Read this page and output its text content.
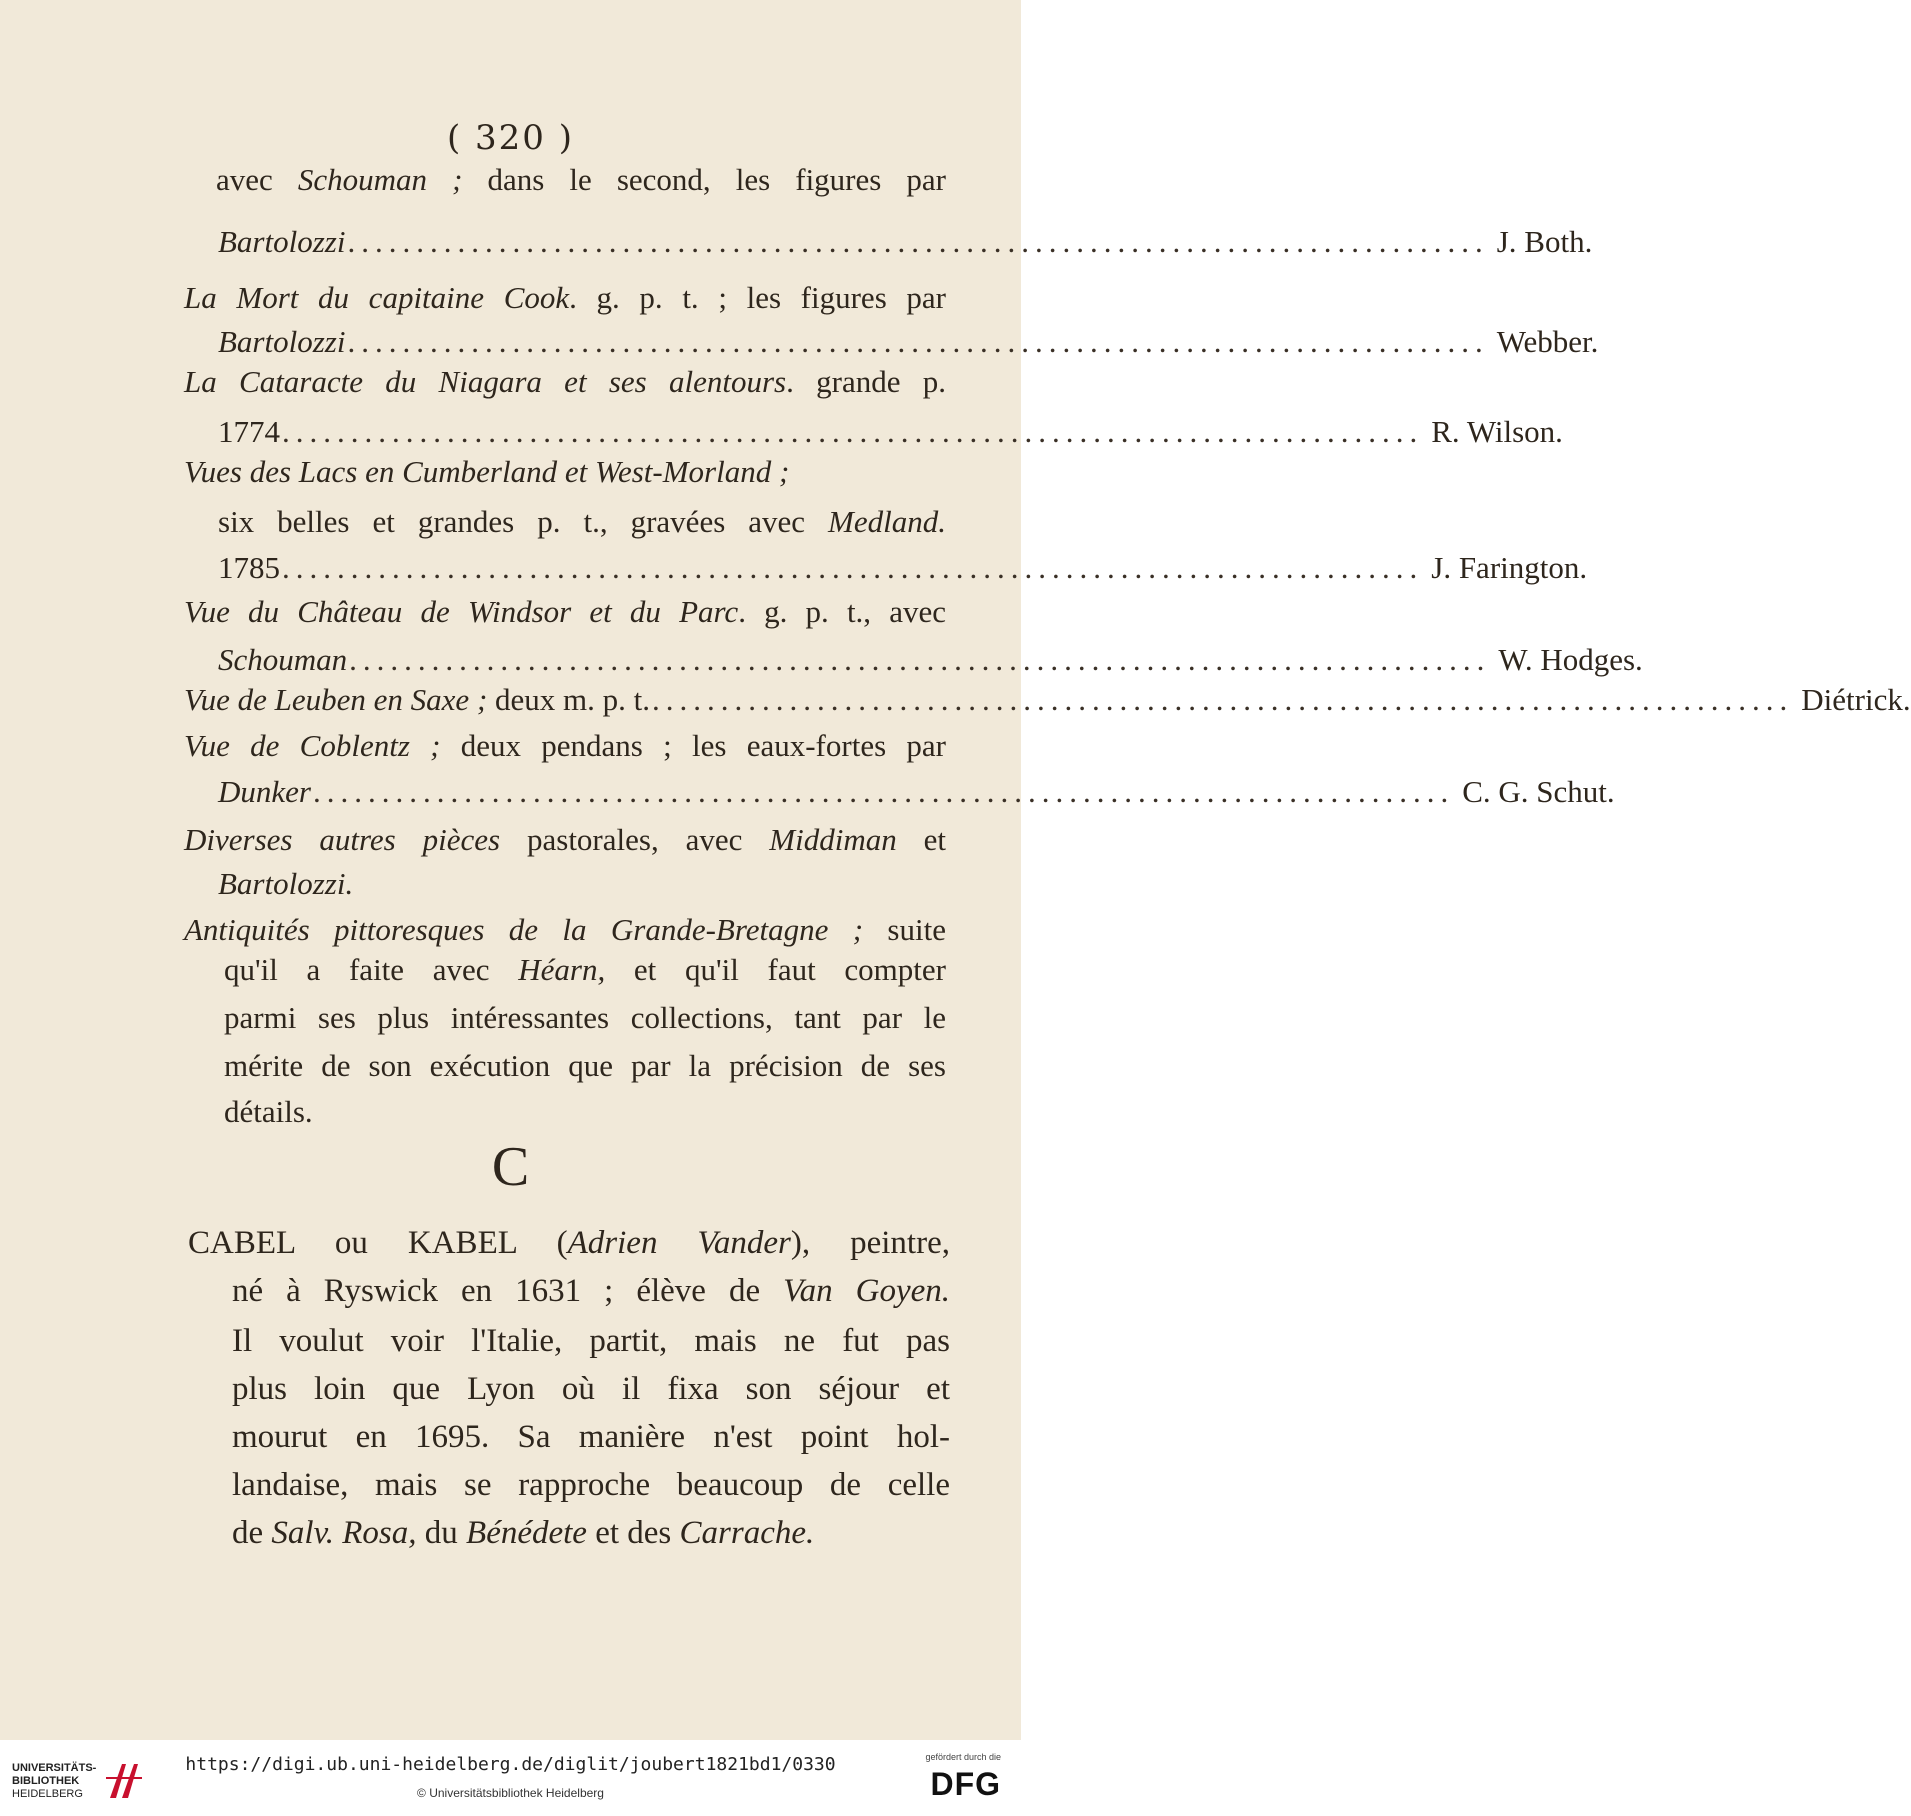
( 320 )
avec Schouman ; dans le second, les figures par
Bartolozzi ................................................................................... J. Both.
La Mort du capitaine Cook. g. p. t. ; les figures par
Bartolozzi ................................................................................... Webber.
La Cataracte du Niagara et ses alentours. grande p.
1774 ................................................................................... R. Wilson.
Vues des Lacs en Cumberland et West-Morland ;
six belles et grandes p. t., gravées avec Medland.
1785 ................................................................................... J. Farington.
Vue du Château de Windsor et du Parc. g. p. t., avec
Schouman ................................................................................... W. Hodges.
Vue de Leuben en Saxe ; deux m. p. t. ................................................................................... Diétrick.
Vue de Coblentz ; deux pendans ; les eaux-fortes par
Dunker ................................................................................... C. G. Schut.
Diverses autres pièces pastorales, avec Middiman et
Bartolozzi.
Antiquités pittoresques de la Grande-Bretagne ; suite
qu'il a faite avec Héarn, et qu'il faut compter
parmi ses plus intéressantes collections, tant par le
mérite de son exécution que par la précision de ses
détails.
C
CABEL ou KABEL (Adrien Vander), peintre,
né à Ryswick en 1631 ; élève de Van Goyen.
Il voulut voir l'Italie, partit, mais ne fut pas
plus loin que Lyon où il fixa son séjour et
mourut en 1695. Sa manière n'est point hol-
landaise, mais se rapproche beaucoup de celle
de Salv. Rosa, du Bénédete et des Carrache.
UNIVERSITÄTS-
BIBLIOTHEK
HEIDELBERG
https://digi.ub.uni-heidelberg.de/diglit/joubert1821bd1/0330
© Universitätsbibliothek Heidelberg
gefördert durch die
DFG
